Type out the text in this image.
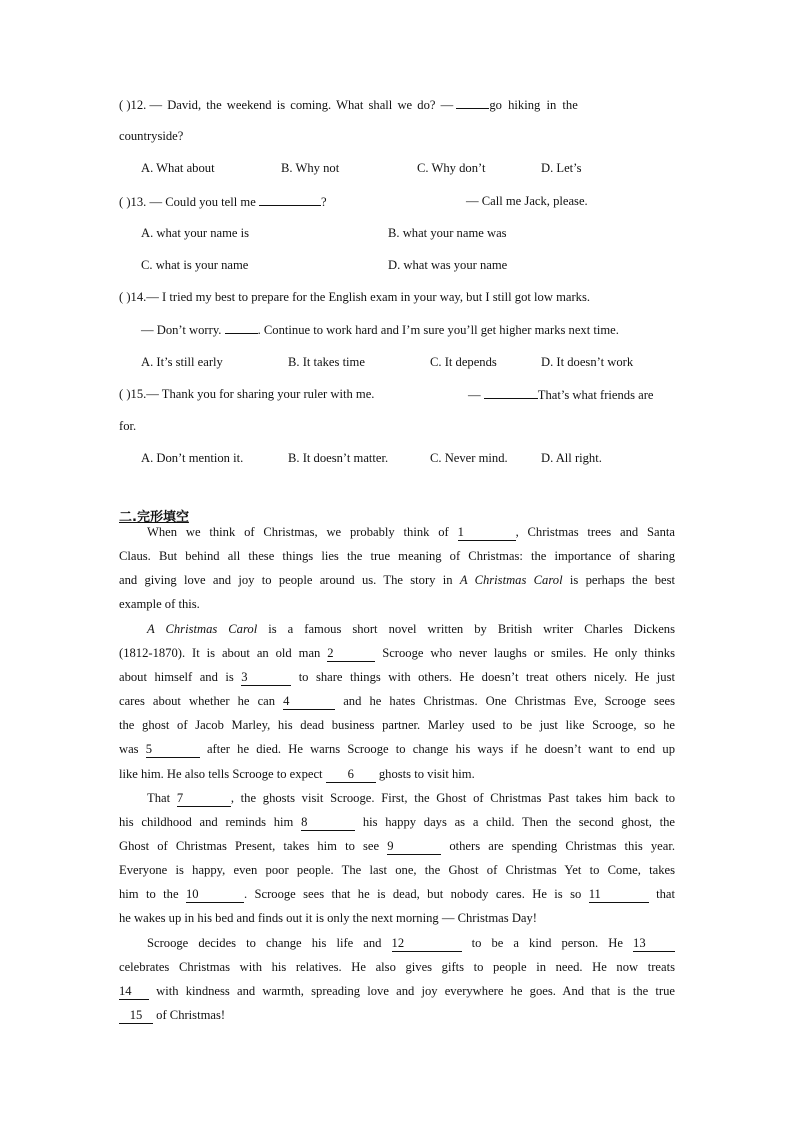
( )12. — David, the weekend is coming. What shall we do? —	go hiking in the
countryside?
A. What about	B. Why not	C. Why don’t	D. Let’s
( )13. — Could you tell me	?	— Call me Jack, please.
A. what your name is	B. what your name was
C. what is your name	D. what was your name
( )14.— I tried my best to prepare for the English exam in your way, but I still got low marks.
— Don’t worry.	. Continue to work hard and I’m sure you’ll get higher marks next time.
A. It’s still early	B. It takes time	C. It depends	D. It doesn’t work
( )15.— Thank you for sharing your ruler with me.	—	That’s what friends are
for.
A. Don’t mention it.	B. It doesn’t matter.	C. Never mind.	D. All right.
二.完形填空
When we think of Christmas, we probably think of 1	, Christmas trees and Santa
Claus. But behind all these things lies the true meaning of Christmas: the importance of sharing
and giving love and joy to people around us. The story in A Christmas Carol is perhaps the best
example of this.
A Christmas Carol is a famous short novel written by British writer Charles Dickens
(1812-1870). It is about an old man 2	Scrooge who never laughs or smiles. He only thinks
about himself and is 3	to share things with others. He doesn’t treat others nicely. He just
cares about whether he can 4	and he hates Christmas. One Christmas Eve, Scrooge sees
the ghost of Jacob Marley, his dead business partner. Marley used to be just like Scrooge, so he
was 5	after he died. He warns Scrooge to change his ways if he doesn’t want to end up
like him. He also tells Scrooge to expect 6 ghosts to visit him.
That 7	, the ghosts visit Scrooge. First, the Ghost of Christmas Past takes him back to
his childhood and reminds him 8	his happy days as a child. Then the second ghost, the
Ghost of Christmas Present, takes him to see 9	others are spending Christmas this year.
Everyone is happy, even poor people. The last one, the Ghost of Christmas Yet to Come, takes
him to the 10	. Scrooge sees that he is dead, but nobody cares. He is so 11	that
he wakes up in his bed and finds out it is only the next morning — Christmas Day!
Scrooge decides to change his life and 12	to be a kind person. He 13
celebrates Christmas with his relatives. He also gives gifts to people in need. He now treats
14 with kindness and warmth, spreading love and joy everywhere he goes. And that is the true
15 of Christmas!
